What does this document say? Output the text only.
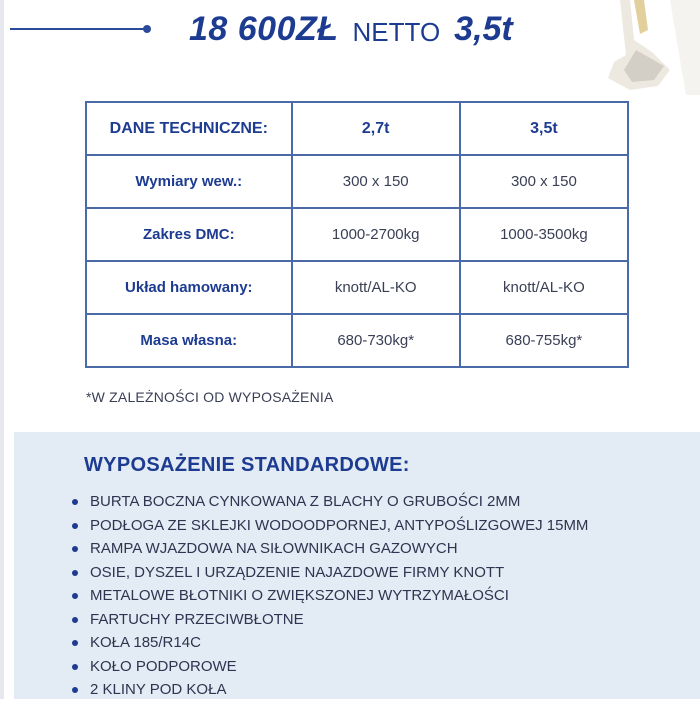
18 600ZŁ NETTO 3,5t
DANE TECHNICZNE:	2,7t	3,5t
Wymiary wew.:	300 x 150	300 x 150
Zakres DMC:	1000-2700kg	1000-3500kg
Układ hamowany:	knott/AL-KO	knott/AL-KO
Masa własna:	680-730kg*	680-755kg*
*W ZALEŻNOŚCI OD WYPOSAŻENIA
WYPOSAŻENIE STANDARDOWE:
BURTA BOCZNA CYNKOWANA Z BLACHY O GRUBOŚCI 2MM
PODŁOGA ZE SKLEJKI WODOODPORNEJ, ANTYPOŚLIZGOWEJ 15MM
RAMPA WJAZDOWA NA SIŁOWNIKACH GAZOWYCH
OSIE, DYSZEL I URZĄDZENIE NAJAZDOWE FIRMY KNOTT
METALOWE BŁOTNIKI O ZWIĘKSZONEJ WYTRZYMAŁOŚCI
FARTUCHY PRZECIWBŁOTNE
KOŁA 185/R14C
KOŁO PODPOROWE
2 KLINY POD KOŁA
